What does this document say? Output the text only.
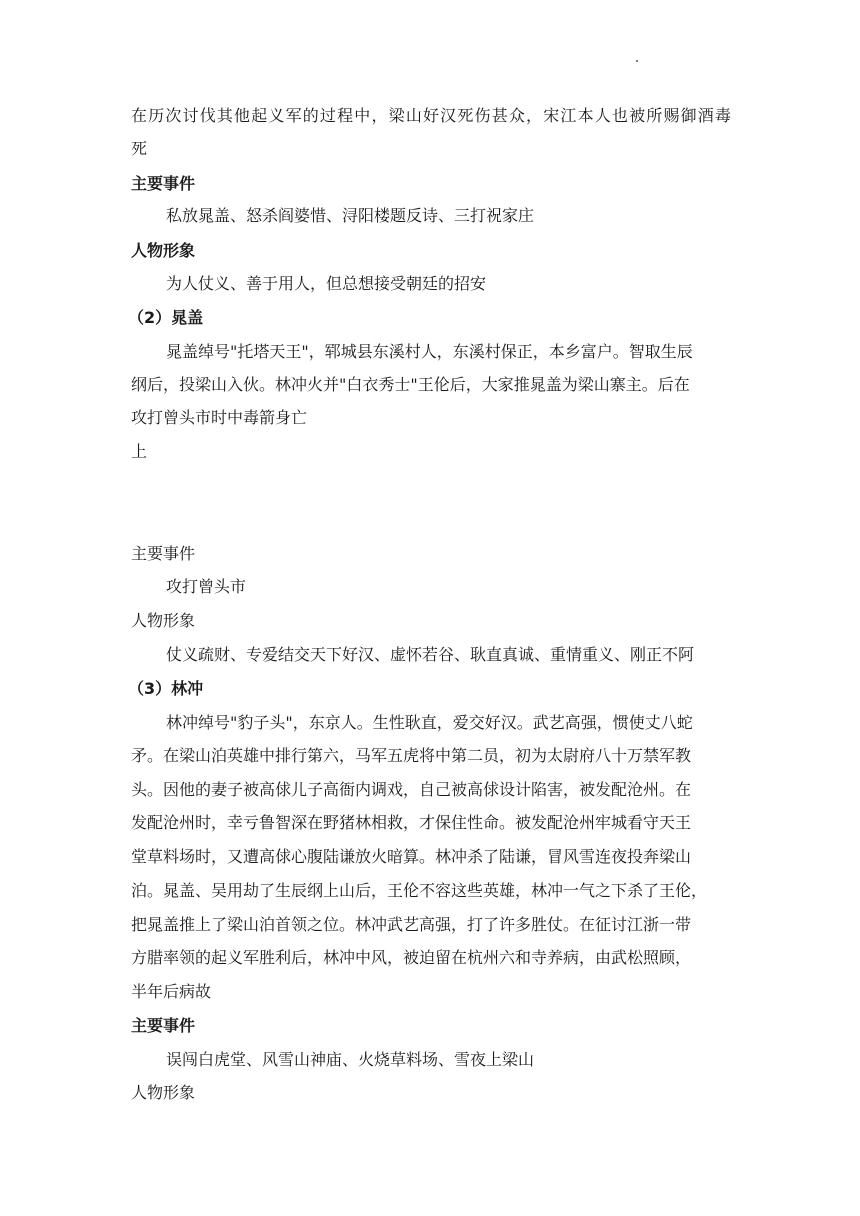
在历次讨伐其他起义军的过程中，梁山好汉死伤甚众，宋江本人也被所赐御酒毒
死
主要事件
私放晁盖、怒杀阎婆惜、浔阳楼题反诗、三打祝家庄
人物形象
为人仗义、善于用人，但总想接受朝廷的招安
（2）晁盖
晁盖绰号"托塔天王"，郓城县东溪村人，东溪村保正，本乡富户。智取生辰
纲后，投梁山入伙。林冲火并"白衣秀士"王伦后，大家推晁盖为梁山寨主。后在
攻打曾头市时中毒箭身亡
上
主要事件
攻打曾头市
人物形象
仗义疏财、专爱结交天下好汉、虚怀若谷、耿直真诚、重情重义、刚正不阿
（3）林冲
林冲绰号"豹子头"，东京人。生性耿直，爱交好汉。武艺高强，惯使丈八蛇
矛。在梁山泊英雄中排行第六，马军五虎将中第二员，初为太尉府八十万禁军教
头。因他的妻子被高俅儿子高衙内调戏，自己被高俅设计陷害，被发配沧州。在
发配沧州时，幸亏鲁智深在野猪林相救，才保住性命。被发配沧州牢城看守天王
堂草料场时，又遭高俅心腹陆谦放火暗算。林冲杀了陆谦，冒风雪连夜投奔梁山
泊。晁盖、吴用劫了生辰纲上山后，王伦不容这些英雄，林冲一气之下杀了王伦，
把晁盖推上了梁山泊首领之位。林冲武艺高强，打了许多胜仗。在征讨江浙一带
方腊率领的起义军胜利后，林冲中风，被迫留在杭州六和寺养病，由武松照顾，
半年后病故
主要事件
误闯白虎堂、风雪山神庙、火烧草料场、雪夜上梁山
人物形象
